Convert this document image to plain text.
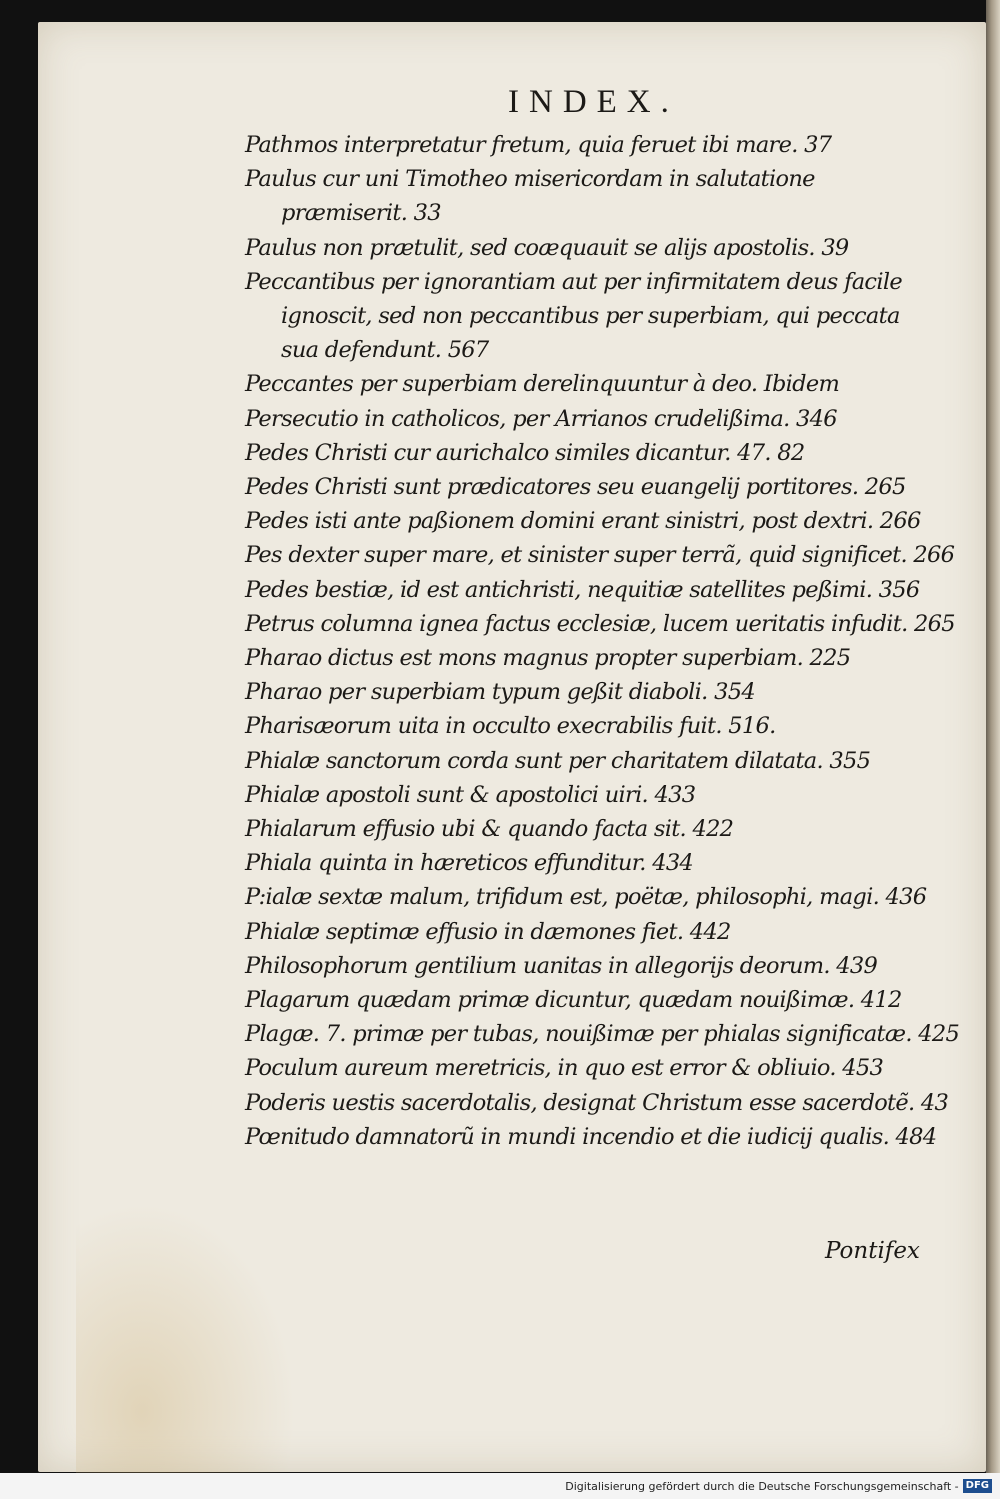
INDEX.
Pathmos interpretatur fretum, quia feruet ibi mare. 37
Paulus cur uni Timotheo misericordam in salutatione præmiserit. 33
Paulus non prætulit, sed coæquauit se alijs apostolis. 39
Peccantibus per ignorantiam aut per infirmitatem deus facile ignoscit, sed non peccantibus per superbiam, qui peccata sua defendunt. 567
Peccantes per superbiam derelinquuntur à deo. Ibidem
Persecutio in catholicos, per Arrianos crudelißima. 346
Pedes Christi cur aurichalco similes dicantur. 47. 82
Pedes Christi sunt prædicatores seu euangelij portitores. 265
Pedes isti ante paßionem domini erant sinistri, post dextri. 266
Pes dexter super mare, et sinister super terrã, quid significet. 266
Pedes bestiæ, id est antichristi, nequitiæ satellites peßimi. 356
Petrus columna ignea factus ecclesiæ, lucem ueritatis infudit. 265
Pharao dictus est mons magnus propter superbiam. 225
Pharao per superbiam typum geßit diaboli. 354
Pharisæorum uita in occulto execrabilis fuit. 516.
Phialæ sanctorum corda sunt per charitatem dilatata. 355
Phialæ apostoli sunt & apostolici uiri. 433
Phialarum effusio ubi & quando facta sit. 422
Phiala quinta in hæreticos effunditur. 434
P:ialæ sextæ malum, trifidum est, poëtæ, philosophi, magi. 436
Phialæ septimæ effusio in dæmones fiet. 442
Philosophorum gentilium uanitas in allegorijs deorum. 439
Plagarum quædam primæ dicuntur, quædam nouißimæ. 412
Plagæ. 7. primæ per tubas, nouißimæ per phialas significatæ. 425
Poculum aureum meretricis, in quo est error & obliuio. 453
Poderis uestis sacerdotalis, designat Christum esse sacerdotẽ. 43
Pœnitudo damnatorũ in mundi incendio et die iudicij qualis. 484
Pontifex
Digitalisierung gefördert durch die Deutsche Forschungsgemeinschaft - DFG
